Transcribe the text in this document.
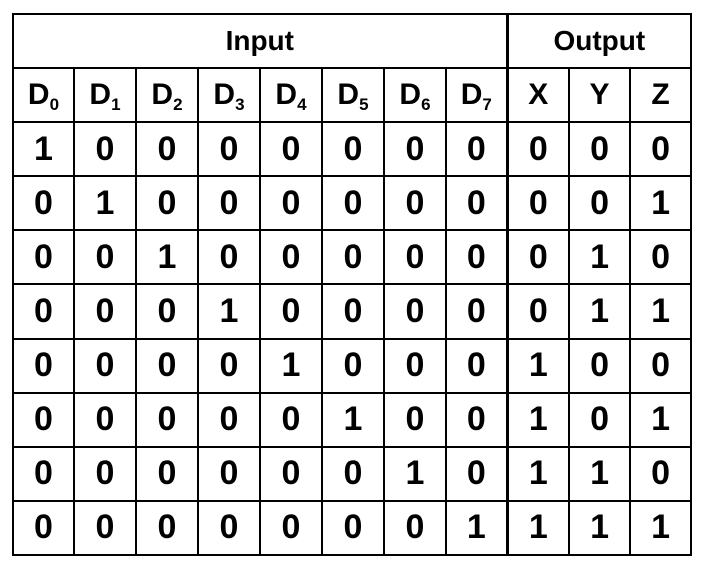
Input								Output		
$D_0$	$D_1$	$D_2$	$D_3$	$D_4$	$D_5$	$D_6$	$D_7$	X	Y	Z
1	0	0	0	0	0	0	0	0	0	0
0	1	0	0	0	0	0	0	0	0	1
0	0	1	0	0	0	0	0	0	1	0
0	0	0	1	0	0	0	0	0	1	1
0	0	0	0	1	0	0	0	1	0	0
0	0	0	0	0	1	0	0	1	0	1
0	0	0	0	0	0	1	0	1	1	0
0	0	0	0	0	0	0	1	1	1	1
